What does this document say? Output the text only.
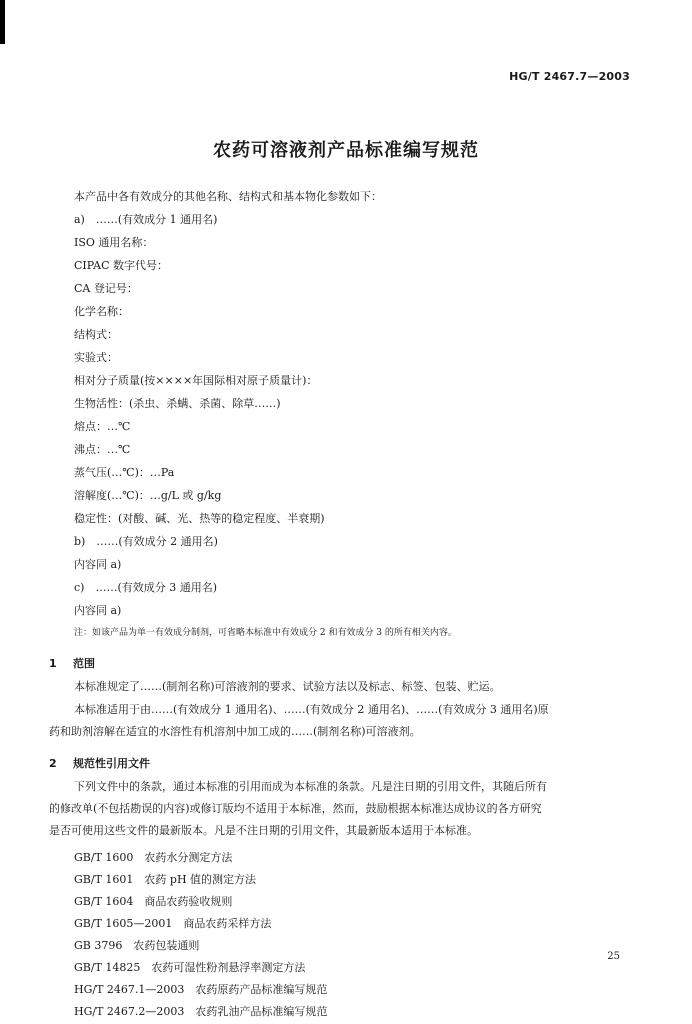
HG/T 2467.7—2003
农药可溶液剂产品标准编写规范
本产品中各有效成分的其他名称、结构式和基本物化参数如下：
a)　……(有效成分 1 通用名)
ISO 通用名称：
CIPAC 数字代号：
CA 登记号：
化学名称：
结构式：
实验式：
相对分子质量(按××××年国际相对原子质量计)：
生物活性：(杀虫、杀螨、杀菌、除草……)
熔点：…℃
沸点：…℃
蒸气压(…℃)：…Pa
溶解度(…℃)：…g/L 或 g/kg
稳定性：(对酸、碱、光、热等的稳定程度、半衰期)
b)　……(有效成分 2 通用名)
内容同 a)
c)　……(有效成分 3 通用名)
内容同 a)
注：如该产品为单一有效成分制剂，可省略本标准中有效成分 2 和有效成分 3 的所有相关内容。
1 范围
本标准规定了……(制剂名称)可溶液剂的要求、试验方法以及标志、标签、包装、贮运。
本标准适用于由……(有效成分 1 通用名)、……(有效成分 2 通用名)、……(有效成分 3 通用名)原
药和助剂溶解在适宜的水溶性有机溶剂中加工成的……(制剂名称)可溶液剂。
2 规范性引用文件
下列文件中的条款，通过本标准的引用而成为本标准的条款。凡是注日期的引用文件，其随后所有
的修改单(不包括勘误的内容)或修订版均不适用于本标准，然而，鼓励根据本标准达成协议的各方研究
是否可使用这些文件的最新版本。凡是不注日期的引用文件，其最新版本适用于本标准。
GB/T 1600　农药水分测定方法
GB/T 1601　农药 pH 值的测定方法
GB/T 1604　商品农药验收规则
GB/T 1605—2001　商品农药采样方法
GB 3796　农药包装通则
GB/T 14825　农药可湿性粉剂悬浮率测定方法
HG/T 2467.1—2003　农药原药产品标准编写规范
HG/T 2467.2—2003　农药乳油产品标准编写规范
25
